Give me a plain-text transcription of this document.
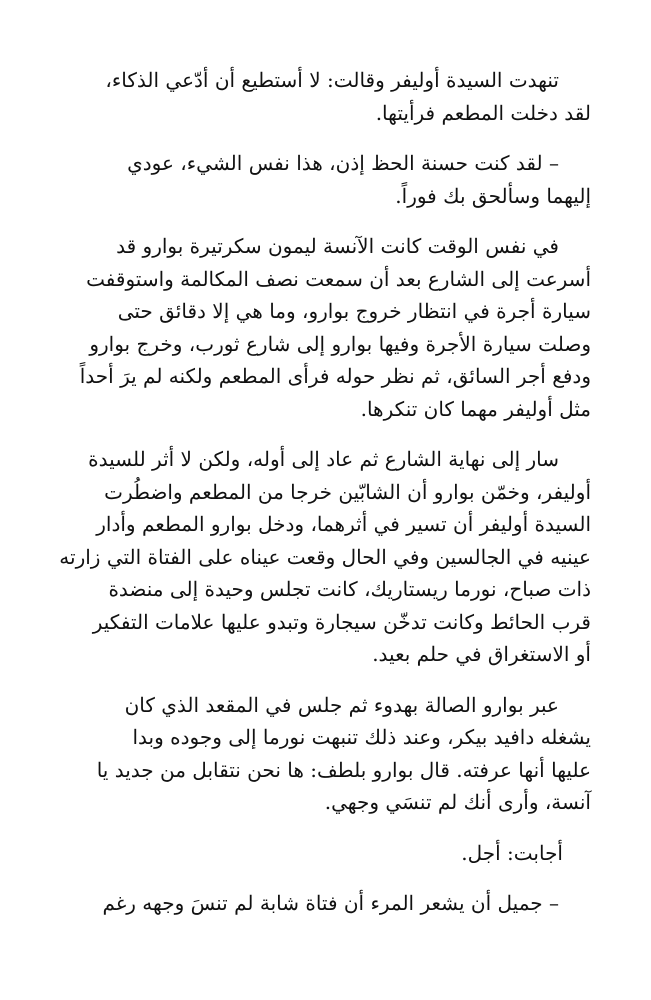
تنهدت السيدة أوليفر وقالت: لا أستطيع أن أدّعي الذكاء،
لقد دخلت المطعم فرأيتها.

– لقد كنت حسنة الحظ إذن، هذا نفس الشيء، عودي
إليهما وسألحق بك فوراً.

في نفس الوقت كانت الآنسة ليمون سكرتيرة بوارو قد
أسرعت إلى الشارع بعد أن سمعت نصف المكالمة واستوقفت
سيارة أجرة في انتظار خروج بوارو، وما هي إلا دقائق حتى
وصلت سيارة الأجرة وفيها بوارو إلى شارع ثورب، وخرج بوارو
ودفع أجر السائق، ثم نظر حوله فرأى المطعم ولكنه لم يرَ أحداً
مثل أوليفر مهما كان تنكرها.

سار إلى نهاية الشارع ثم عاد إلى أوله، ولكن لا أثر للسيدة
أوليفر، وخمّن بوارو أن الشابّين خرجا من المطعم واضطُرت
السيدة أوليفر أن تسير في أثرهما، ودخل بوارو المطعم وأدار
عينيه في الجالسين وفي الحال وقعت عيناه على الفتاة التي زارته
ذات صباح، نورما ريستاريك، كانت تجلس وحيدة إلى منضدة
قرب الحائط وكانت تدخّن سيجارة وتبدو عليها علامات التفكير
أو الاستغراق في حلم بعيد.

عبر بوارو الصالة بهدوء ثم جلس في المقعد الذي كان
يشغله دافيد بيكر، وعند ذلك تنبهت نورما إلى وجوده وبدا
عليها أنها عرفته. قال بوارو بلطف: ها نحن نتقابل من جديد يا
آنسة، وأرى أنك لم تنسَي وجهي.

أجابت: أجل.

– جميل أن يشعر المرء أن فتاة شابة لم تنسَ وجهه رغم
